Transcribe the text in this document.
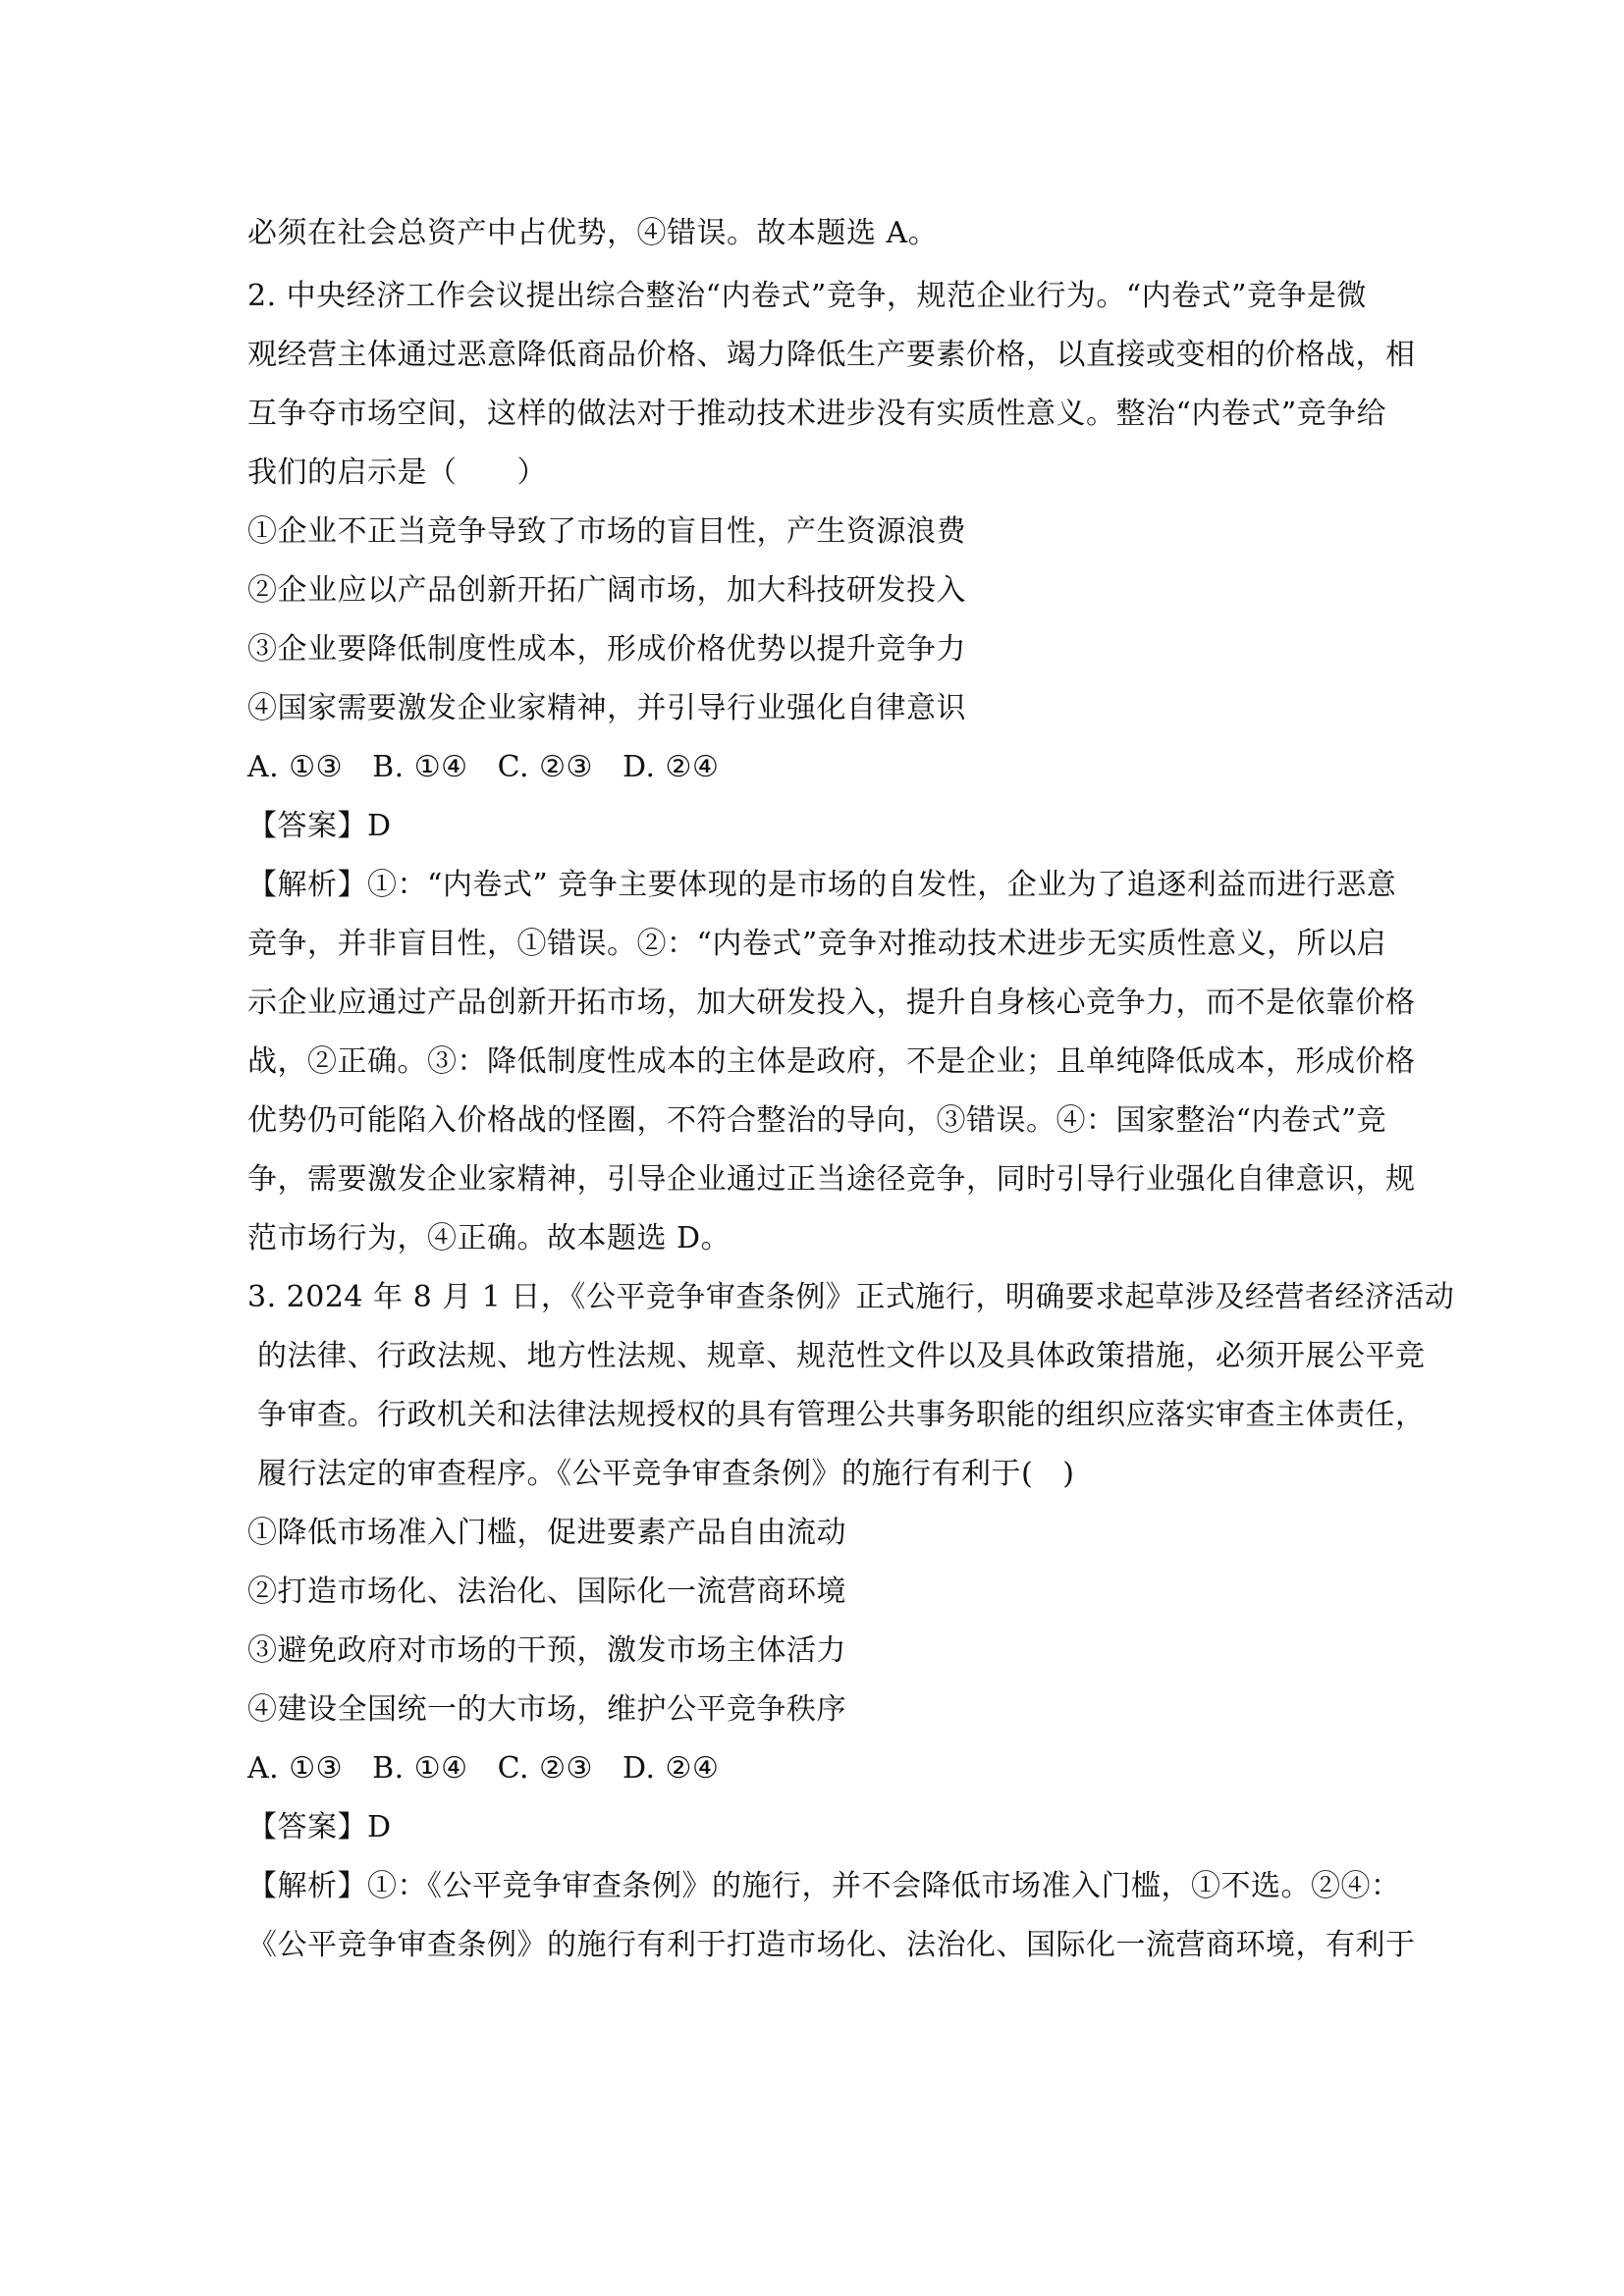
必须在社会总资产中占优势，④错误。故本题选 A。
2. 中央经济工作会议提出综合整治“内卷式”竞争，规范企业行为。“内卷式”竞争是微
观经营主体通过恶意降低商品价格、竭力降低生产要素价格，以直接或变相的价格战，相
互争夺市场空间，这样的做法对于推动技术进步没有实质性意义。整治“内卷式”竞争给
我们的启示是（　　）
①企业不正当竞争导致了市场的盲目性，产生资源浪费
②企业应以产品创新开拓广阔市场，加大科技研发投入
③企业要降低制度性成本，形成价格优势以提升竞争力
④国家需要激发企业家精神，并引导行业强化自律意识
A. ①③   B. ①④   C. ②③   D. ②④
【答案】D
【解析】①：“内卷式” 竞争主要体现的是市场的自发性，企业为了追逐利益而进行恶意
竞争，并非盲目性，①错误。②：“内卷式”竞争对推动技术进步无实质性意义，所以启
示企业应通过产品创新开拓市场，加大研发投入，提升自身核心竞争力，而不是依靠价格
战，②正确。③：降低制度性成本的主体是政府，不是企业；且单纯降低成本，形成价格
优势仍可能陷入价格战的怪圈，不符合整治的导向，③错误。④：国家整治“内卷式”竞
争，需要激发企业家精神，引导企业通过正当途径竞争，同时引导行业强化自律意识，规
范市场行为，④正确。故本题选 D。
3. 2024 年 8 月 1 日，《公平竞争审查条例》正式施行，明确要求起草涉及经营者经济活动
的法律、行政法规、地方性法规、规章、规范性文件以及具体政策措施，必须开展公平竞
争审查。行政机关和法律法规授权的具有管理公共事务职能的组织应落实审查主体责任，
履行法定的审查程序。《公平竞争审查条例》的施行有利于(   )
①降低市场准入门槛，促进要素产品自由流动
②打造市场化、法治化、国际化一流营商环境
③避免政府对市场的干预，激发市场主体活力
④建设全国统一的大市场，维护公平竞争秩序
A. ①③   B. ①④   C. ②③   D. ②④
【答案】D
【解析】①：《公平竞争审查条例》的施行，并不会降低市场准入门槛，①不选。②④：
《公平竞争审查条例》的施行有利于打造市场化、法治化、国际化一流营商环境，有利于
